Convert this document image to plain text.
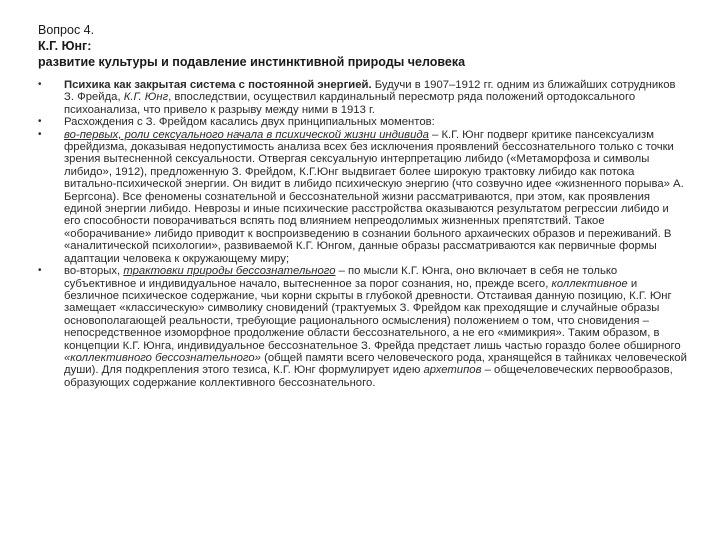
Вопрос 4.
К.Г. Юнг:
развитие культуры и подавление инстинктивной природы человека
• Психика как закрытая система с постоянной энергией. Будучи в 1907–1912 гг. одним из ближайших сотрудников З. Фрейда, К.Г. Юнг, впоследствии, осуществил кардинальный пересмотр ряда положений ортодоксального психоанализа, что привело к разрыву между ними в 1913 г.
• Расхождения с З. Фрейдом касались двух принципиальных моментов:
• во-первых, роли сексуального начала в психической жизни индивида – К.Г. Юнг подверг критике пансексуализм фрейдизма, доказывая недопустимость анализа всех без исключения проявлений бессознательного только с точки зрения вытесненной сексуальности. Отвергая сексуальную интерпретацию либидо («Метаморфоза и символы либидо», 1912), предложенную З. Фрейдом, К.Г.Юнг выдвигает более широкую трактовку либидо как потока витально-психической энергии. Он видит в либидо психическую энергию (что созвучно идее «жизненного порыва» А. Бергсона). Все феномены сознательной и бессознательной жизни рассматриваются, при этом, как проявления единой энергии либидо. Неврозы и иные психические расстройства оказываются результатом регрессии либидо и его способности поворачиваться вспять под влиянием непреодолимых жизненных препятствий. Такое «оборачивание» либидо приводит к воспроизведению в сознании больного архаических образов и переживаний. В «аналитической психологии», развиваемой К.Г. Юнгом, данные образы рассматриваются как первичные формы адаптации человека к окружающему миру;
• во-вторых, трактовки природы бессознательного – по мысли К.Г. Юнга, оно включает в себя не только субъективное и индивидуальное начало, вытесненное за порог сознания, но, прежде всего, коллективное и безличное психическое содержание, чьи корни скрыты в глубокой древности. Отстаивая данную позицию, К.Г. Юнг замещает «классическую» символику сновидений (трактуемых З. Фрейдом как преходящие и случайные образы основополагающей реальности, требующие рационального осмысления) положением о том, что сновидения – непосредственное изоморфное продолжение области бессознательного, а не его «мимикрия». Таким образом, в концепции К.Г. Юнга, индивидуальное бессознательное З. Фрейда предстает лишь частью гораздо более обширного «коллективного бессознательного» (общей памяти всего человеческого рода, хранящейся в тайниках человеческой души). Для подкрепления этого тезиса, К.Г. Юнг формулирует идею архетипов – общечеловеческих первообразов, образующих содержание коллективного бессознательного.
